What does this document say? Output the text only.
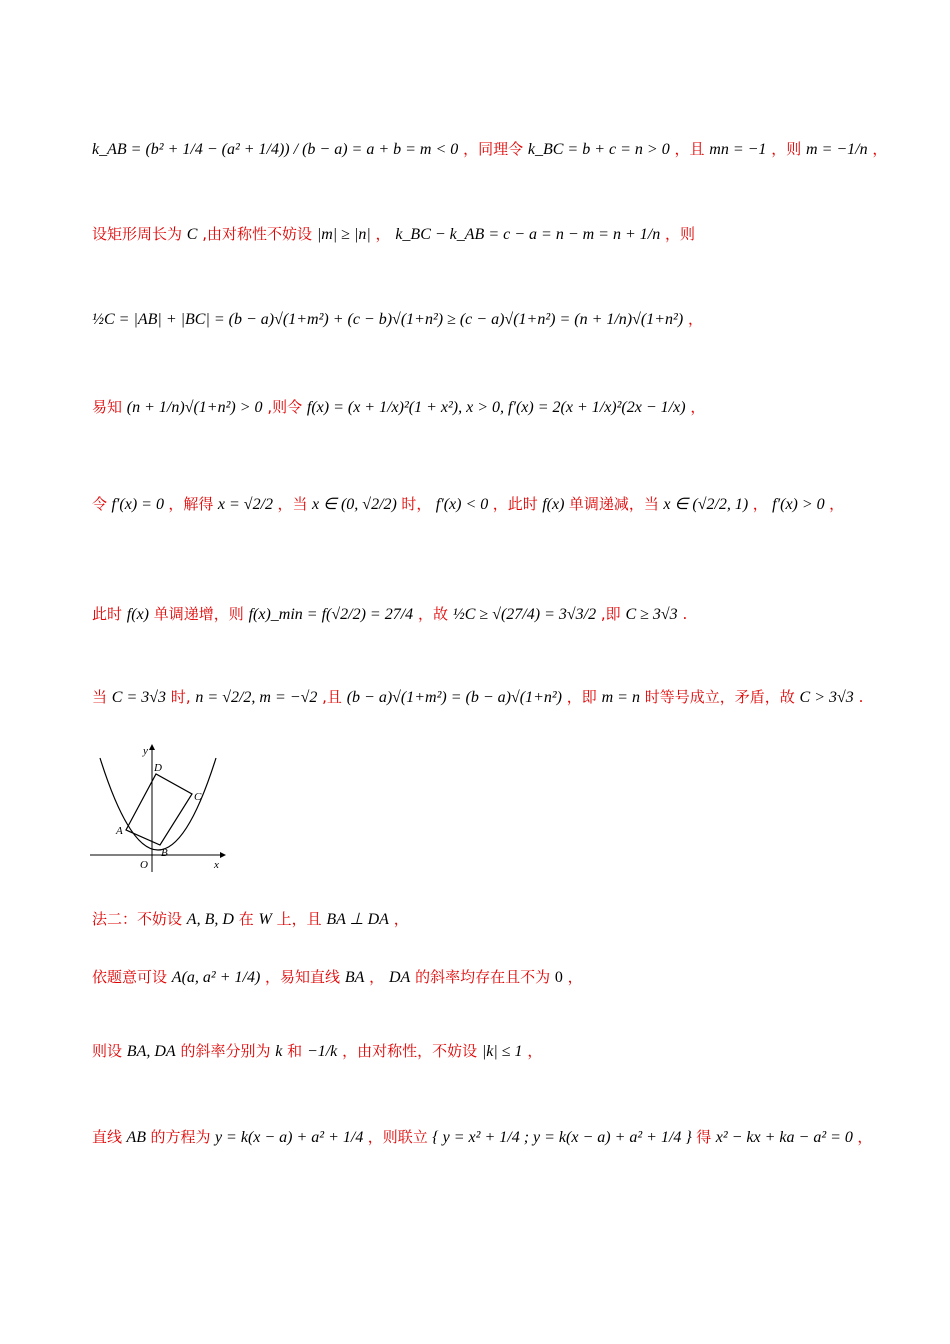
k_AB = (b² + 1/4 − (a² + 1/4)) / (b − a) = a + b = m < 0 ，同理令 k_BC = b + c = n > 0 ，且 mn = −1 ，则 m = −1/n ，
设矩形周长为 C ,由对称性不妨设 |m| ≥ |n| ， k_BC − k_AB = c − a = n − m = n + 1/n ，则
½C = |AB| + |BC| = (b − a)√(1+m²) + (c − b)√(1+n²) ≥ (c − a)√(1+n²) = (n + 1/n)√(1+n²) ，
易知 (n + 1/n)√(1+n²) > 0 ,则令 f(x) = (x + 1/x)²(1 + x²), x > 0, f′(x) = 2(x + 1/x)²(2x − 1/x) ，
令 f′(x) = 0 ，解得 x = √2/2 ，当 x ∈ (0, √2/2) 时， f′(x) < 0 ，此时 f(x) 单调递减，当 x ∈ (√2/2, 1) ， f′(x) > 0 ，
此时 f(x) 单调递增，则 f(x)_min = f(√2/2) = 27/4 ，故 ½C ≥ √(27/4) = 3√3/2 ,即 C ≥ 3√3 .
当 C = 3√3 时, n = √2/2, m = −√2 ,且 (b − a)√(1+m²) = (b − a)√(1+n²) ，即 m = n 时等号成立，矛盾，故 C > 3√3 .
y
x
O
A
B
C
D
法二：不妨设 A, B, D 在 W 上，且 BA ⊥ DA ，
依题意可设 A(a, a² + 1/4) ，易知直线 BA ， DA 的斜率均存在且不为 0 ，
则设 BA, DA 的斜率分别为 k 和 −1/k ，由对称性，不妨设 |k| ≤ 1 ，
直线 AB 的方程为 y = k(x − a) + a² + 1/4 ，则联立 { y = x² + 1/4 ; y = k(x − a) + a² + 1/4 } 得 x² − kx + ka − a² = 0 ，
